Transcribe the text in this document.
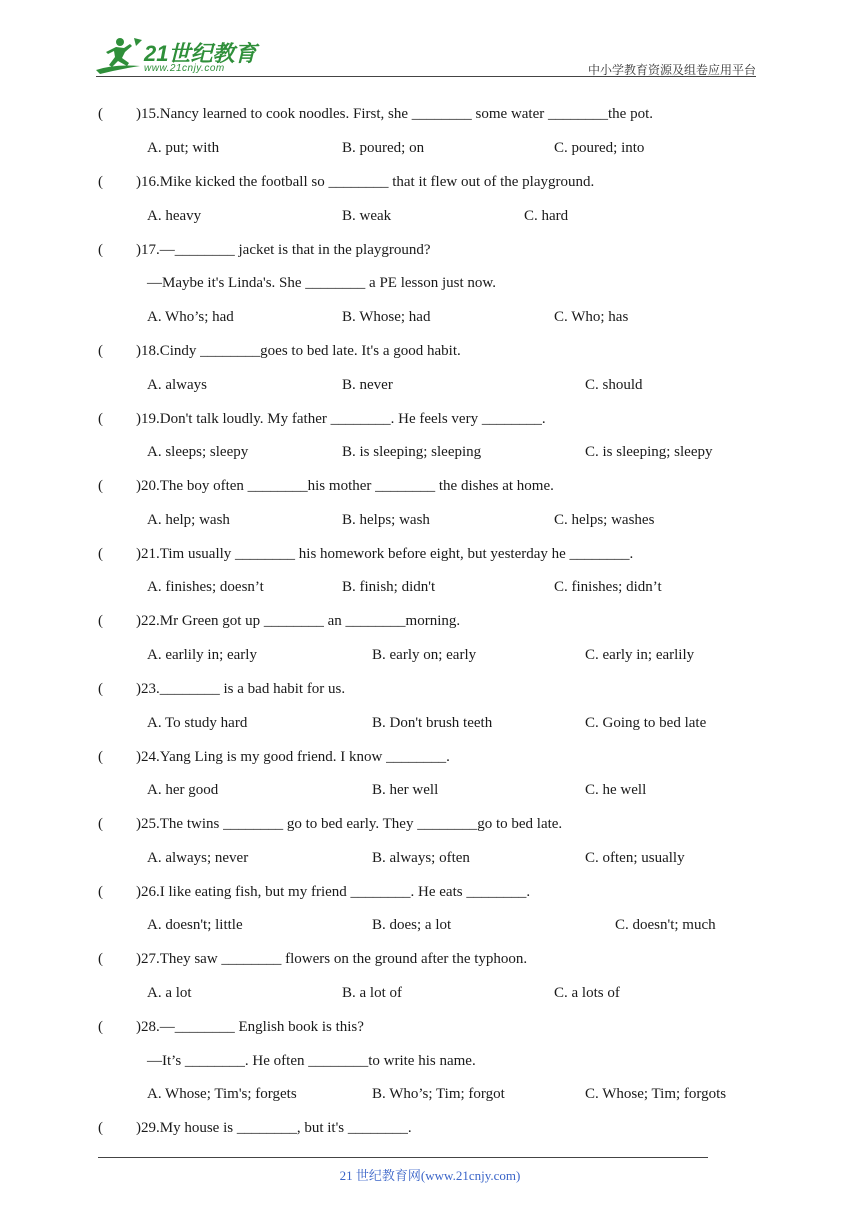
21世纪教育
www.21cnjy.com	中小学教育资源及组卷应用平台
( )15.Nancy learned to cook noodles. First, she ________ some water ________the pot.
A. put; with	B. poured; on	C. poured; into
( )16.Mike kicked the football so ________ that it flew out of the playground.
A. heavy	B. weak	C. hard
( )17.—________ jacket is that in the playground?
—Maybe it's Linda's. She ________ a PE lesson just now.
A. Who’s; had	B. Whose; had	C. Who; has
( )18.Cindy ________goes to bed late. It's a good habit.
A. always	B. never	C. should
( )19.Don't talk loudly. My father ________. He feels very ________.
A. sleeps; sleepy	B. is sleeping; sleeping	C. is sleeping; sleepy
( )20.The boy often ________his mother ________ the dishes at home.
A. help; wash	B. helps; wash	C. helps; washes
( )21.Tim usually ________ his homework before eight, but yesterday he ________.
A. finishes; doesn’t	B. finish; didn't	C. finishes; didn’t
( )22.Mr Green got up ________ an ________morning.
A. earlily in; early	B. early on; early	C. early in; earlily
( )23.________ is a bad habit for us.
A. To study hard	B. Don't brush teeth	C. Going to bed late
( )24.Yang Ling is my good friend. I know ________.
A. her good	B. her well	C. he well
( )25.The twins ________ go to bed early. They ________go to bed late.
A. always; never	B. always; often	C. often; usually
( )26.I like eating fish, but my friend ________. He eats ________.
A. doesn't; little	B. does; a lot	C. doesn't; much
( )27.They saw ________ flowers on the ground after the typhoon.
A. a lot	B. a lot of	C. a lots of
( )28.—________ English book is this?
—It’s ________. He often ________to write his name.
A. Whose; Tim's; forgets	B. Who’s; Tim; forgot	C. Whose; Tim; forgots
( )29.My house is ________, but it's ________.
21 世纪教育网(www.21cnjy.com)
